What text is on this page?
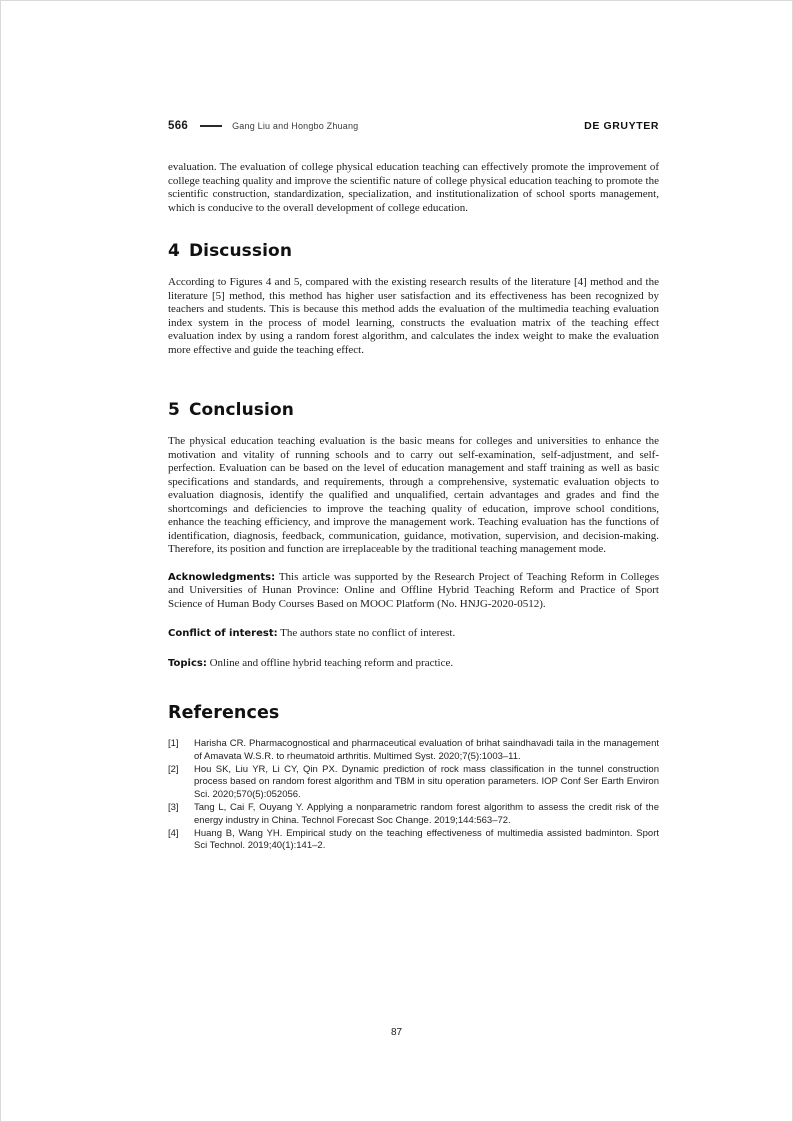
566	Gang Liu and Hongbo Zhuang	DE GRUYTER

evaluation. The evaluation of college physical education teaching can effectively promote the improvement of college teaching quality and improve the scientific nature of college physical education teaching to promote the scientific construction, standardization, specialization, and institutionalization of school sports management, which is conducive to the overall development of college education.

4 Discussion

According to Figures 4 and 5, compared with the existing research results of the literature [4] method and the literature [5] method, this method has higher user satisfaction and its effectiveness has been recognized by teachers and students. This is because this method adds the evaluation of the multimedia teaching evaluation index system in the process of model learning, constructs the evaluation matrix of the teaching effect evaluation index by using a random forest algorithm, and calculates the index weight to make the evaluation more effective and guide the teaching effect.

5 Conclusion

The physical education teaching evaluation is the basic means for colleges and universities to enhance the motivation and vitality of running schools and to carry out self-examination, self-adjustment, and self-perfection. Evaluation can be based on the level of education management and staff training as well as basic specifications and standards, and requirements, through a comprehensive, systematic evaluation objects to evaluation diagnosis, identify the qualified and unqualified, certain advantages and grades and find the shortcomings and deficiencies to improve the teaching quality of education, improve school conditions, enhance the teaching efficiency, and improve the management work. Teaching evaluation has the functions of identification, diagnosis, feedback, communication, guidance, motivation, supervision, and decision-making. Therefore, its position and function are irreplaceable by the traditional teaching management mode.

Acknowledgments: This article was supported by the Research Project of Teaching Reform in Colleges and Universities of Hunan Province: Online and Offline Hybrid Teaching Reform and Practice of Sport Science of Human Body Courses Based on MOOC Platform (No. HNJG-2020-0512).

Conflict of interest: The authors state no conflict of interest.

Topics: Online and offline hybrid teaching reform and practice.

References
[1]	Harisha CR. Pharmacognostical and pharmaceutical evaluation of brihat saindhavadi taila in the management of Amavata W.S.R. to rheumatoid arthritis. Multimed Syst. 2020;7(5):1003–11.
[2]	Hou SK, Liu YR, Li CY, Qin PX. Dynamic prediction of rock mass classification in the tunnel construction process based on random forest algorithm and TBM in situ operation parameters. IOP Conf Ser Earth Environ Sci. 2020;570(5):052056.
[3]	Tang L, Cai F, Ouyang Y. Applying a nonparametric random forest algorithm to assess the credit risk of the energy industry in China. Technol Forecast Soc Change. 2019;144:563–72.
[4]	Huang B, Wang YH. Empirical study on the teaching effectiveness of multimedia assisted badminton. Sport Sci Technol. 2019;40(1):141–2.
87
